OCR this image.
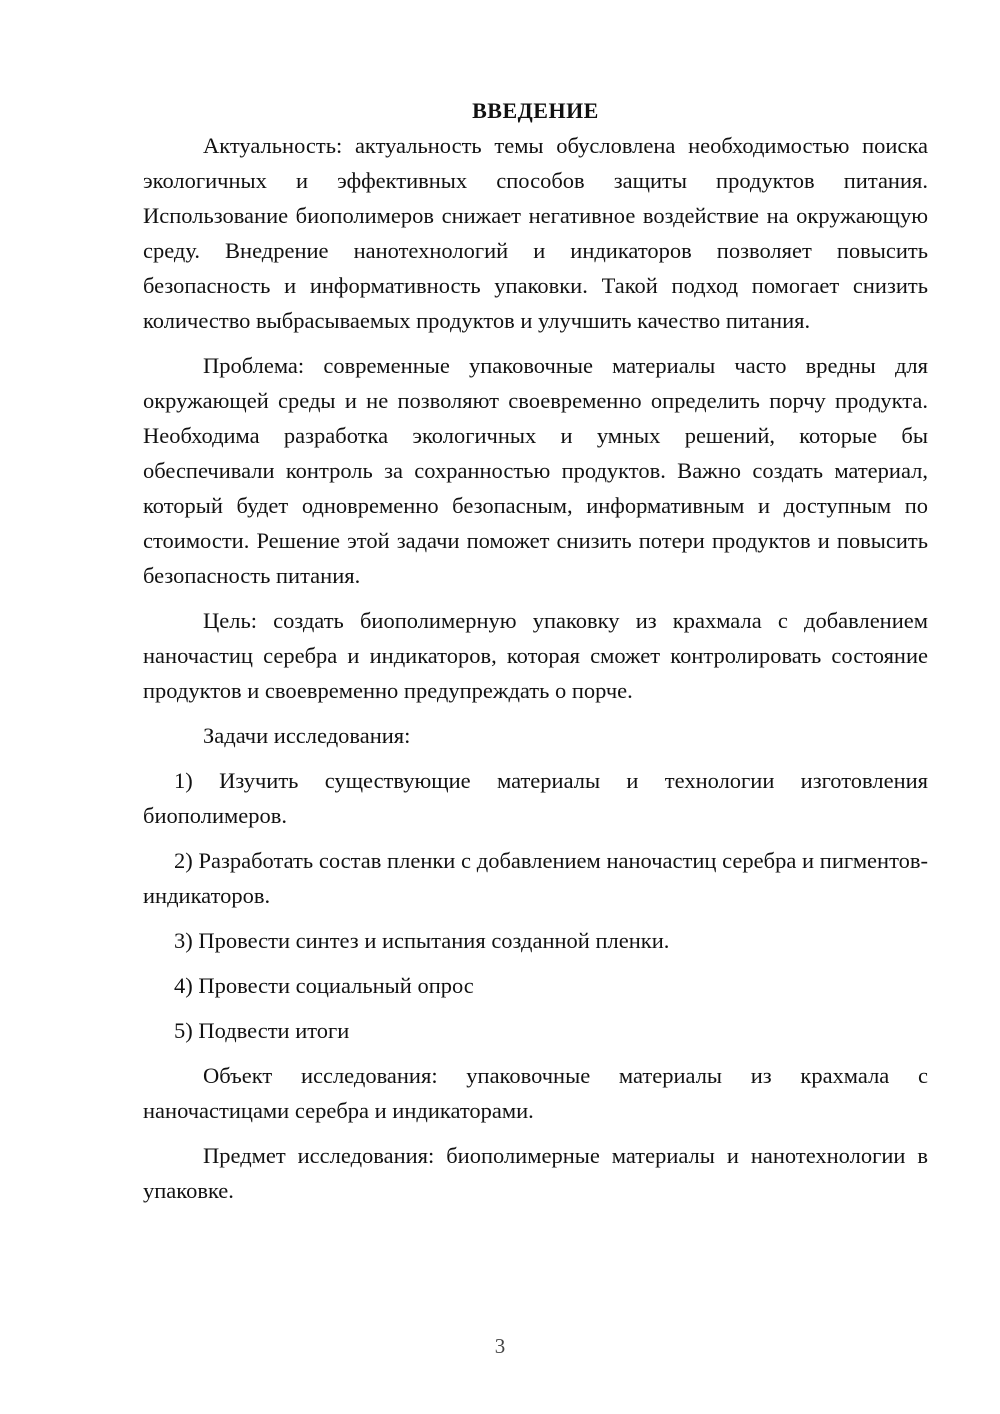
ВВЕДЕНИЕ

Актуальность: актуальность темы обусловлена необходимостью поиска экологичных и эффективных способов защиты продуктов питания. Использование биополимеров снижает негативное воздействие на окружающую среду. Внедрение нанотехнологий и индикаторов позволяет повысить безопасность и информативность упаковки. Такой подход помогает снизить количество выбрасываемых продуктов и улучшить качество питания.

Проблема: современные упаковочные материалы часто вредны для окружающей среды и не позволяют своевременно определить порчу продукта. Необходима разработка экологичных и умных решений, которые бы обеспечивали контроль за сохранностью продуктов. Важно создать материал, который будет одновременно безопасным, информативным и доступным по стоимости. Решение этой задачи поможет снизить потери продуктов и повысить безопасность питания.

Цель: создать биополимерную упаковку из крахмала с добавлением наночастиц серебра и индикаторов, которая сможет контролировать состояние продуктов и своевременно предупреждать о порче.

Задачи исследования:

1) Изучить существующие материалы и технологии изготовления биополимеров.

2) Разработать состав пленки с добавлением наночастиц серебра и пигментов-индикаторов.

3) Провести синтез и испытания созданной пленки.

4) Провести социальный опрос

5) Подвести итоги

Объект исследования: упаковочные материалы из крахмала с наночастицами серебра и индикаторами.

Предмет исследования: биополимерные материалы и нанотехнологии в упаковке.

3
